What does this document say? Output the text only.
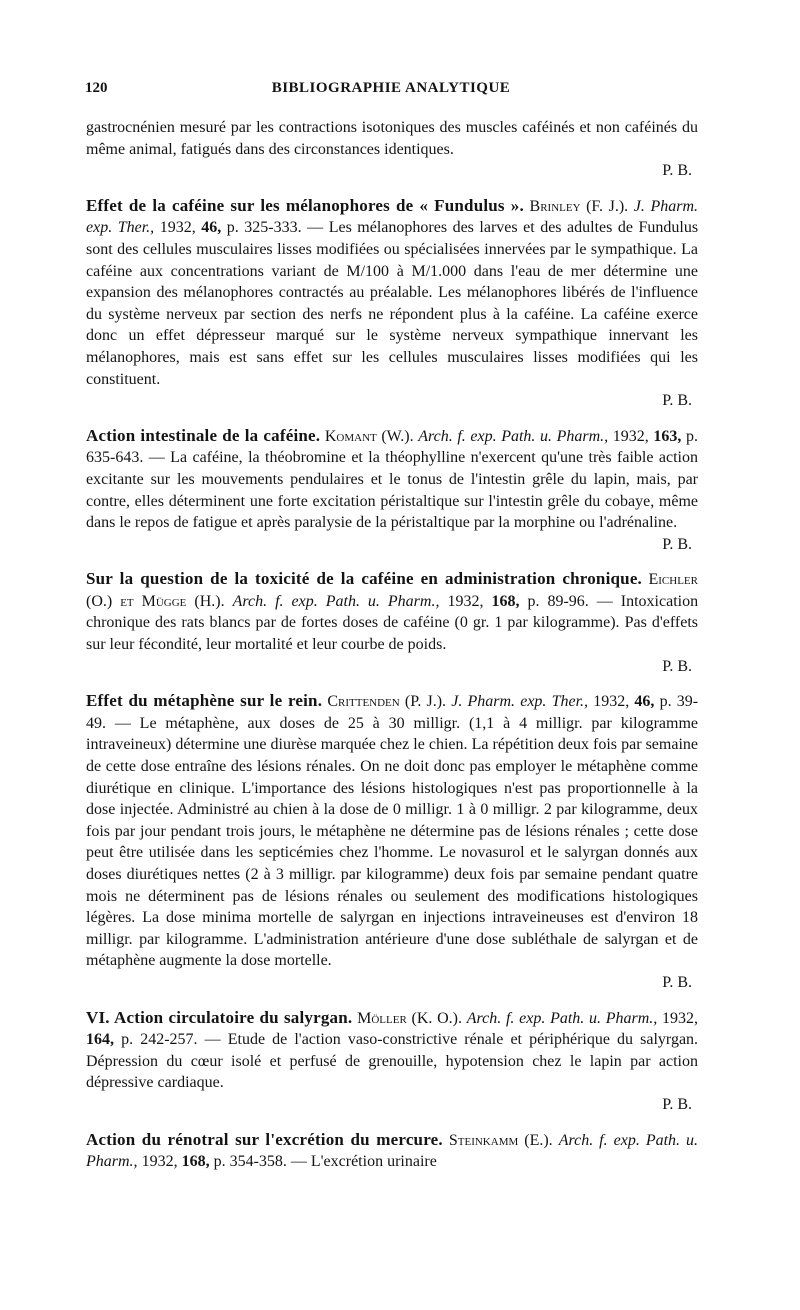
120	BIBLIOGRAPHIE ANALYTIQUE

gastrocnénien mesuré par les contractions isotoniques des muscles caféinés et non caféinés du même animal, fatigués dans des circonstances identiques.

P. B.

Effet de la caféine sur les mélanophores de « Fundulus ». Brinley (F. J.). J. Pharm. exp. Ther., 1932, 46, p. 325-333. — Les mélanophores des larves et des adultes de Fundulus sont des cellules musculaires lisses modifiées ou spécialisées innervées par le sympathique. La caféine aux concentrations variant de M/100 à M/1.000 dans l'eau de mer détermine une expansion des mélanophores contractés au préalable. Les mélanophores libérés de l'influence du système nerveux par section des nerfs ne répondent plus à la caféine. La caféine exerce donc un effet dépresseur marqué sur le système nerveux sympathique innervant les mélanophores, mais est sans effet sur les cellules musculaires lisses modifiées qui les constituent.

P. B.

Action intestinale de la caféine. Komant (W.). Arch. f. exp. Path. u. Pharm., 1932, 163, p. 635-643. — La caféine, la théobromine et la théophylline n'exercent qu'une très faible action excitante sur les mouvements pendulaires et le tonus de l'intestin grêle du lapin, mais, par contre, elles déterminent une forte excitation péristaltique sur l'intestin grêle du cobaye, même dans le repos de fatigue et après paralysie de la péristaltique par la morphine ou l'adrénaline.

P. B.

Sur la question de la toxicité de la caféine en administration chronique. Eichler (O.) et Mügge (H.). Arch. f. exp. Path. u. Pharm., 1932, 168, p. 89-96. — Intoxication chronique des rats blancs par de fortes doses de caféine (0 gr. 1 par kilogramme). Pas d'effets sur leur fécondité, leur mortalité et leur courbe de poids.

P. B.

Effet du métaphène sur le rein. Crittenden (P. J.). J. Pharm. exp. Ther., 1932, 46, p. 39-49. — Le métaphène, aux doses de 25 à 30 milligr. (1,1 à 4 milligr. par kilogramme intraveineux) détermine une diurèse marquée chez le chien. La répétition deux fois par semaine de cette dose entraîne des lésions rénales. On ne doit donc pas employer le métaphène comme diurétique en clinique. L'importance des lésions histologiques n'est pas proportionnelle à la dose injectée. Administré au chien à la dose de 0 milligr. 1 à 0 milligr. 2 par kilogramme, deux fois par jour pendant trois jours, le métaphène ne détermine pas de lésions rénales ; cette dose peut être utilisée dans les septicémies chez l'homme. Le novasurol et le salyrgan donnés aux doses diurétiques nettes (2 à 3 milligr. par kilogramme) deux fois par semaine pendant quatre mois ne déterminent pas de lésions rénales ou seulement des modifications histologiques légères. La dose minima mortelle de salyrgan en injections intraveineuses est d'environ 18 milligr. par kilogramme. L'administration antérieure d'une dose subléthale de salyrgan et de métaphène augmente la dose mortelle.

P. B.

VI. Action circulatoire du salyrgan. Möller (K. O.). Arch. f. exp. Path. u. Pharm., 1932, 164, p. 242-257. — Etude de l'action vaso-constrictive rénale et périphérique du salyrgan. Dépression du cœur isolé et perfusé de grenouille, hypotension chez le lapin par action dépressive cardiaque.

P. B.

Action du rénotral sur l'excrétion du mercure. Steinkamm (E.). Arch. f. exp. Path. u. Pharm., 1932, 168, p. 354-358. — L'excrétion urinaire
